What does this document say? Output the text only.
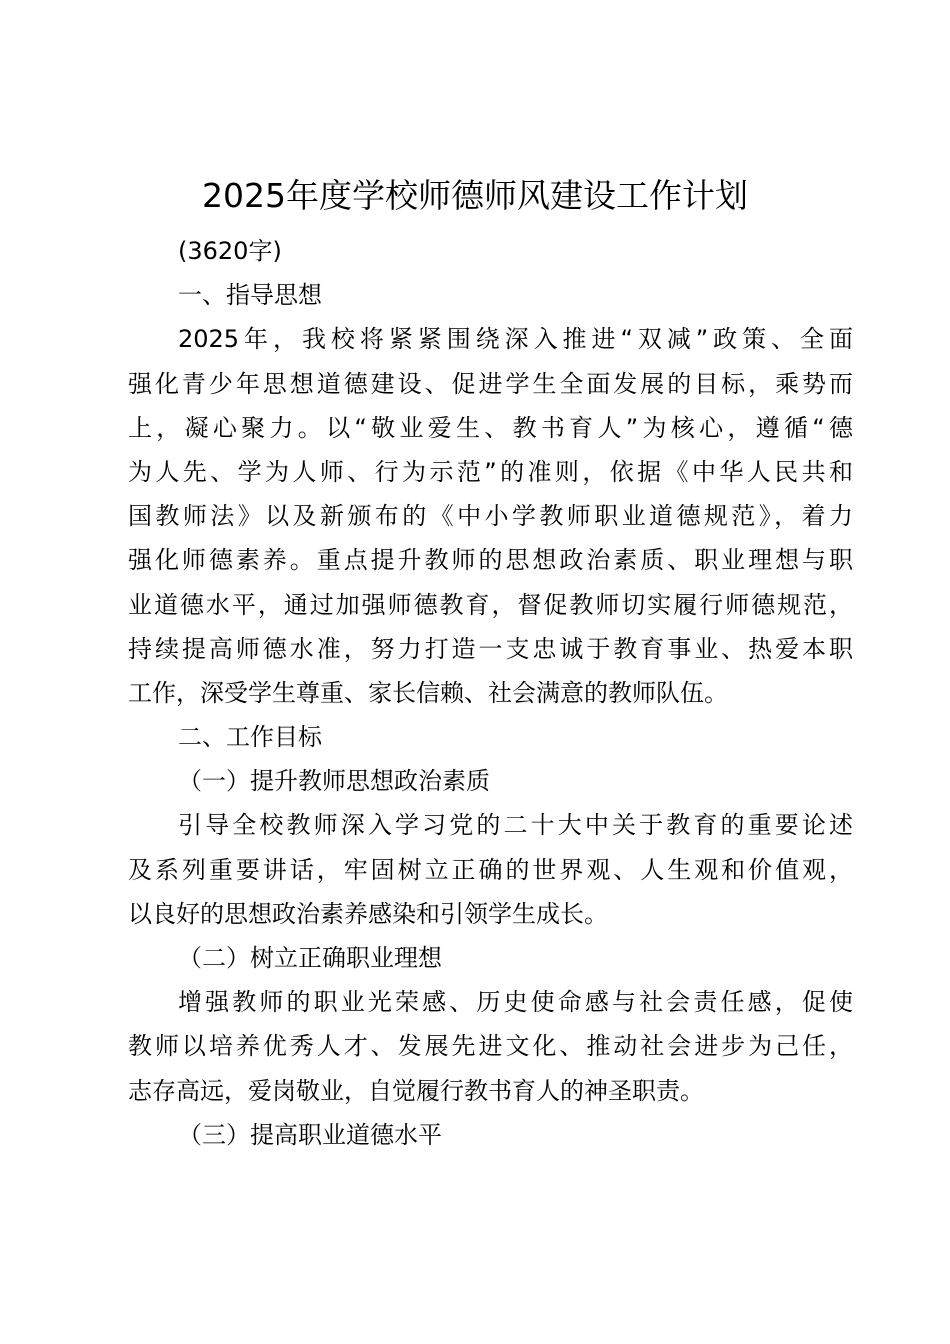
2025年度学校师德师风建设工作计划
(3620字)
一、指导思想
2025年，我校将紧紧围绕深入推进“双减”政策、全面
强化青少年思想道德建设、促进学生全面发展的目标，乘势而
上，凝心聚力。以“敬业爱生、教书育人”为核心，遵循“德
为人先、学为人师、行为示范”的准则，依据《中华人民共和
国教师法》以及新颁布的《中小学教师职业道德规范》，着力
强化师德素养。重点提升教师的思想政治素质、职业理想与职
业道德水平，通过加强师德教育，督促教师切实履行师德规范，
持续提高师德水准，努力打造一支忠诚于教育事业、热爱本职
工作，深受学生尊重、家长信赖、社会满意的教师队伍。
二、工作目标
（一）提升教师思想政治素质
引导全校教师深入学习党的二十大中关于教育的重要论述
及系列重要讲话，牢固树立正确的世界观、人生观和价值观，
以良好的思想政治素养感染和引领学生成长。
（二）树立正确职业理想
增强教师的职业光荣感、历史使命感与社会责任感，促使
教师以培养优秀人才、发展先进文化、推动社会进步为己任，
志存高远，爱岗敬业，自觉履行教书育人的神圣职责。
（三）提高职业道德水平
